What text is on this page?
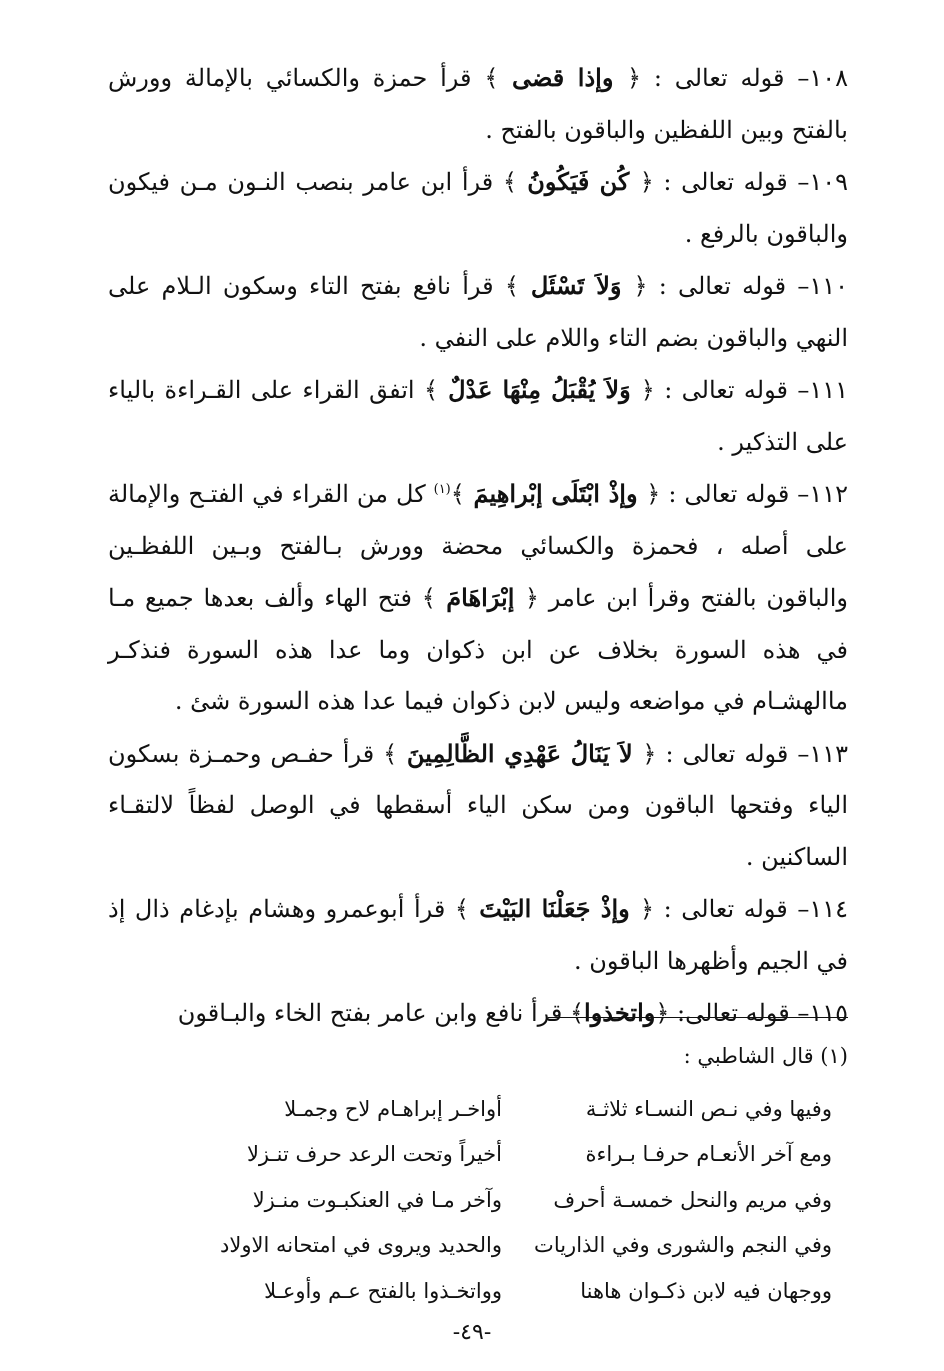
١٠٨– قوله تعالى : ﴿ وإذا قضى ﴾ قرأ حمزة والكسائي بالإمالة وورش بالفتح وبين اللفظين والباقون بالفتح .

١٠٩– قوله تعالى : ﴿ كُن فَيَكُونُ ﴾ قرأ ابن عامر بنصب النـون مـن فيكون والباقون بالرفع .

١١٠– قوله تعالى : ﴿ وَلاَ تَسْئَل ﴾ قرأ نافع بفتح التاء وسكون الـلام على النهي والباقون بضم التاء واللام على النفي .

١١١– قوله تعالى : ﴿ وَلاَ يُقْبَلُ مِنْهَا عَدْلٌ ﴾ اتفق القراء على القـراءة بالياء على التذكير .

١١٢– قوله تعالى : ﴿ وإذْ ابْتَلَى إبْراهِيمَ ﴾$^{(١)}$ كل من القراء في الفتـح والإمالة على أصله ، فحمزة والكسائي محضة وورش بـالفتح وبـين اللفظـين والباقون بالفتح وقرأ ابن عامر ﴿ إبْرَاهَامَ ﴾ فتح الهاء وألف بعدها جميع مـا في هذه السورة بخلاف عن ابن ذكوان وما عدا هذه السورة فنذكـر ماالهشـام في مواضعه وليس لابن ذكوان فيما عدا هذه السورة شئ .

١١٣– قوله تعالى : ﴿ لاَ يَنَالُ عَهْدِي الظَّالِمِينَ ﴾ قرأ حفـص وحمـزة بسكون الياء وفتحها الباقون ومن سكن الياء أسقطها في الوصل لفظاً لالتقـاء الساكنين .

١١٤– قوله تعالى : ﴿ وإذْ جَعَلْنَا البَيْتَ ﴾ قرأ أبوعمرو وهشام بإدغام ذال إذ في الجيم وأظهرها الباقون .

١١٥– قوله تعالى: ﴿واتخذوا﴾ قرأ نافع وابن عامر بفتح الخاء والبـاقون

(١) قال الشاطبي :
وفيها وفي نـص النسـاء ثلاثـة
أواخـر إبراهـام لاح وجمـلا
ومع آخر الأنعـام حرفـا بـراءة
أخيراً وتحت الرعد حرف تنـزلا
وفي مريم والنحل خمسـة أحرف
وآخر مـا في العنكبـوت منـزلا
وفي النجم والشورى وفي الذاريات
والحديد ويروى في امتحانه الاولاد
ووجهان فيه لابن ذكـوان هاهنا
وواتخـذوا بالفتح عـم وأوعـلا
-٤٩-
